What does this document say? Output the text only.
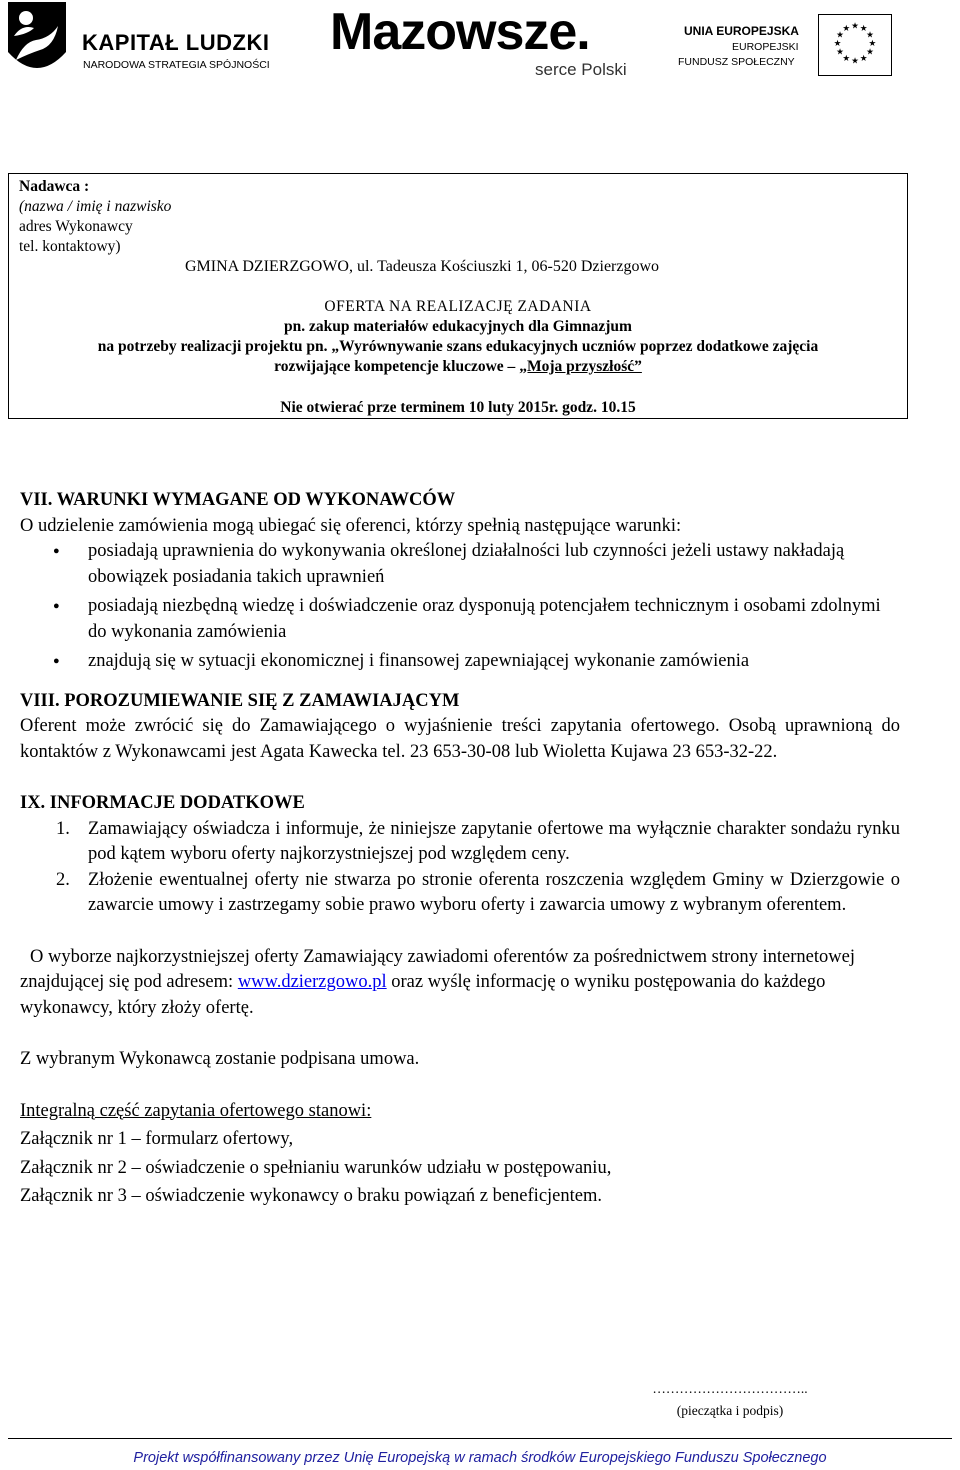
KAPITAŁ LUDZKI
NARODOWA STRATEGIA SPÓJNOŚCI
Mazowsze.
serce Polski
UNIA EUROPEJSKA
EUROPEJSKI
FUNDUSZ SPOŁECZNY
★ ★
★
★
★
★
★
★
★
★
★
★
Nadawca :
(nazwa / imię i nazwisko
adres Wykonawcy
tel. kontaktowy)
GMINA DZIERZGOWO, ul. Tadeusza Kościuszki 1, 06-520 Dzierzgowo
OFERTA NA REALIZACJĘ ZADANIA
pn. zakup materiałów edukacyjnych dla Gimnazjum
na potrzeby realizacji projektu pn. „Wyrównywanie szans edukacyjnych uczniów poprzez dodatkowe zajęcia
rozwijające kompetencje kluczowe – „Moja przyszłość”
Nie otwierać prze terminem 10 luty 2015r. godz. 10.15
VII. WARUNKI WYMAGANE OD WYKONAWCÓW

O udzielenie zamówienia mogą ubiegać się oferenci, którzy spełnią następujące warunki:

● posiadają uprawnienia do wykonywania określonej działalności lub czynności jeżeli ustawy nakładają obowiązek posiadania takich uprawnień
● posiadają niezbędną wiedzę i doświadczenie oraz dysponują potencjałem technicznym i osobami zdolnymi do wykonania zamówienia
● znajdują się w sytuacji ekonomicznej i finansowej zapewniającej wykonanie zamówienia
VIII. POROZUMIEWANIE SIĘ Z ZAMAWIAJĄCYM

Oferent może zwrócić się do Zamawiającego o wyjaśnienie treści zapytania ofertowego. Osobą uprawnioną do kontaktów z Wykonawcami jest Agata Kawecka tel. 23 653-30-08 lub Wioletta Kujawa 23 653-32-22.

IX. INFORMACJE DODATKOWE
1. Zamawiający oświadcza i informuje, że niniejsze zapytanie ofertowe ma wyłącznie charakter sondażu rynku pod kątem wyboru oferty najkorzystniejszej pod względem ceny.
2. Złożenie ewentualnej oferty nie stwarza po stronie oferenta roszczenia względem Gminy w Dzierzgowie o zawarcie umowy i zastrzegamy sobie prawo wyboru oferty i zawarcia umowy z wybranym oferentem.

O wyborze najkorzystniejszej oferty Zamawiający zawiadomi oferentów za pośrednictwem strony internetowej znajdującej się pod adresem: www.dzierzgowo.pl oraz wyślę informację o wyniku postępowania do każdego wykonawcy, który złoży ofertę.

Z wybranym Wykonawcą zostanie podpisana umowa.

Integralną część zapytania ofertowego stanowi:

Załącznik nr 1 – formularz ofertowy,

Załącznik nr 2 – oświadczenie o spełnianiu warunków udziału w postępowaniu,

Załącznik nr 3 – oświadczenie wykonawcy o braku powiązań z beneficjentem.

……………………………..
(pieczątka i podpis)
Projekt współfinansowany przez Unię Europejską w ramach środków Europejskiego Funduszu Społecznego
